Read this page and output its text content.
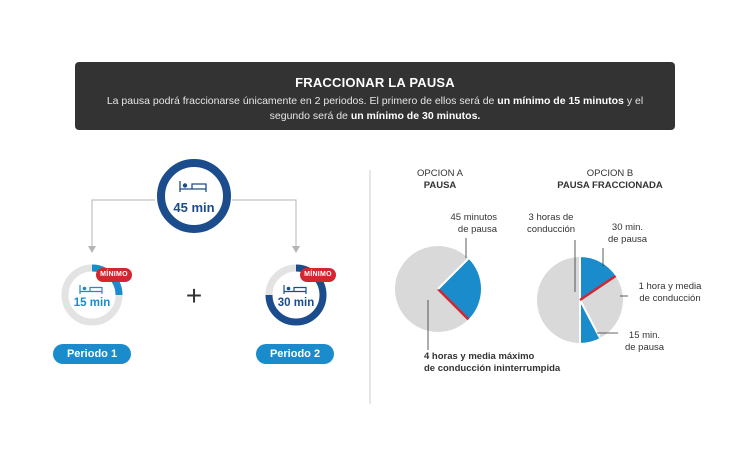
FRACCIONAR LA PAUSA
La pausa podrá fraccionarse únicamente en 2 periodos. El primero de ellos será de un mínimo de 15 minutos y el segundo será de un mínimo de 30 minutos.
+
45 min
15 min	30 min
MÍNIMO	MÍNIMO
Periodo 1	Periodo 2
OPCION A
PAUSA
45 minutos
de pausa
4 horas y media máximo
de conducción ininterrumpida
OPCION B
PAUSA FRACCIONADA
3 horas de
conducción	30 min.
de pausa
1 hora y media
de conducción
15 min.
de pausa
